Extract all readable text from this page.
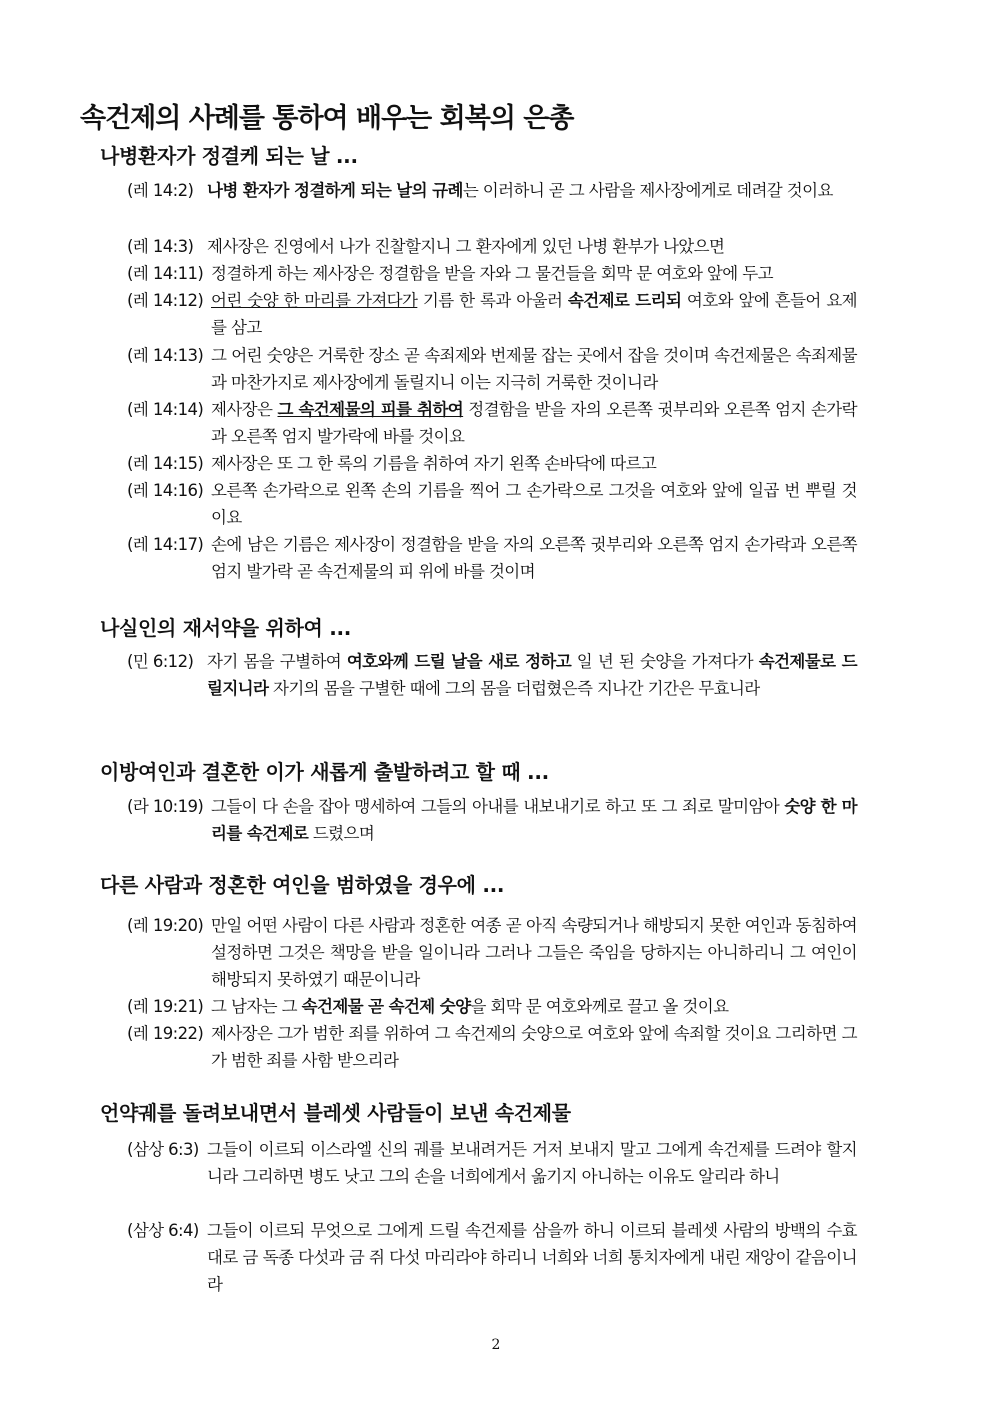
속건제의 사례를 통하여 배우는 회복의 은총
나병환자가 정결케 되는 날 ...
(레 14:2) 나병 환자가 정결하게 되는 날의 규례는 이러하니 곧 그 사람을 제사장에게로 데려갈 것이요
(레 14:3) 제사장은 진영에서 나가 진찰할지니 그 환자에게 있던 나병 환부가 나았으면
(레 14:11) 정결하게 하는 제사장은 정결함을 받을 자와 그 물건들을 회막 문 여호와 앞에 두고
(레 14:12) 어린 숫양 한 마리를 가져다가 기름 한 록과 아울러 속건제로 드리되 여호와 앞에 흔들어 요제를 삼고
(레 14:13) 그 어린 숫양은 거룩한 장소 곧 속죄제와 번제물 잡는 곳에서 잡을 것이며 속건제물은 속죄제물과 마찬가지로 제사장에게 돌릴지니 이는 지극히 거룩한 것이니라
(레 14:14) 제사장은 그 속건제물의 피를 취하여 정결함을 받을 자의 오른쪽 귓부리와 오른쪽 엄지 손가락과 오른쪽 엄지 발가락에 바를 것이요
(레 14:15) 제사장은 또 그 한 록의 기름을 취하여 자기 왼쪽 손바닥에 따르고
(레 14:16) 오른쪽 손가락으로 왼쪽 손의 기름을 찍어 그 손가락으로 그것을 여호와 앞에 일곱 번 뿌릴 것이요
(레 14:17) 손에 남은 기름은 제사장이 정결함을 받을 자의 오른쪽 귓부리와 오른쪽 엄지 손가락과 오른쪽 엄지 발가락 곧 속건제물의 피 위에 바를 것이며
나실인의 재서약을 위하여 ...
(민 6:12) 자기 몸을 구별하여 여호와께 드릴 날을 새로 정하고 일 년 된 숫양을 가져다가 속건제물로 드릴지니라 자기의 몸을 구별한 때에 그의 몸을 더럽혔은즉 지나간 기간은 무효니라
이방여인과 결혼한 이가 새롭게 출발하려고 할 때 ...
(라 10:19) 그들이 다 손을 잡아 맹세하여 그들의 아내를 내보내기로 하고 또 그 죄로 말미암아 숫양 한 마리를 속건제로 드렸으며
다른 사람과 정혼한 여인을 범하였을 경우에 ...
(레 19:20) 만일 어떤 사람이 다른 사람과 정혼한 여종 곧 아직 속량되거나 해방되지 못한 여인과 동침하여 설정하면 그것은 책망을 받을 일이니라 그러나 그들은 죽임을 당하지는 아니하리니 그 여인이 해방되지 못하였기 때문이니라
(레 19:21) 그 남자는 그 속건제물 곧 속건제 숫양을 회막 문 여호와께로 끌고 올 것이요
(레 19:22) 제사장은 그가 범한 죄를 위하여 그 속건제의 숫양으로 여호와 앞에 속죄할 것이요 그리하면 그가 범한 죄를 사함 받으리라
언약궤를 돌려보내면서 블레셋 사람들이 보낸 속건제물
(삼상 6:3) 그들이 이르되 이스라엘 신의 궤를 보내려거든 거저 보내지 말고 그에게 속건제를 드려야 할지니라 그리하면 병도 낫고 그의 손을 너희에게서 옮기지 아니하는 이유도 알리라 하니
(삼상 6:4) 그들이 이르되 무엇으로 그에게 드릴 속건제를 삼을까 하니 이르되 블레셋 사람의 방백의 수효대로 금 독종 다섯과 금 쥐 다섯 마리라야 하리니 너희와 너희 통치자에게 내린 재앙이 같음이니라
2
